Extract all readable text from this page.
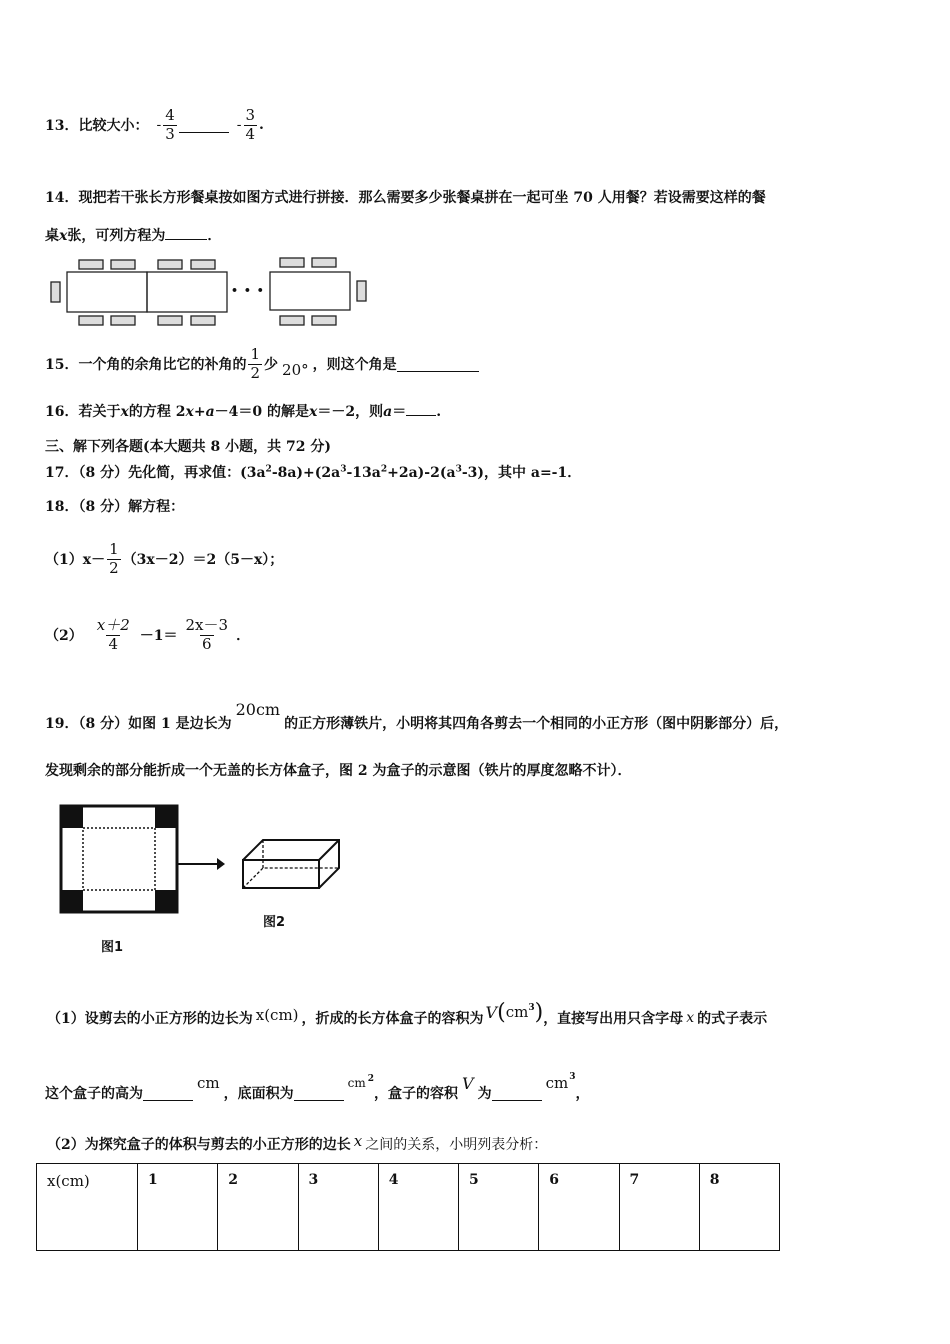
13．比较大小： - $\frac{4}{3}$	- $\frac{3}{4}$ .
14．现把若干张长方形餐桌按如图方式进行拼接．那么需要多少张餐桌拼在一起可坐 70 人用餐？若设需要这样的餐
桌x张，可列方程为	．
• • •
15．一个角的余角比它的补角的 $\frac{1}{2}$ 少 20° ，则这个角是
16．若关于x的方程 2x+a－4＝0 的解是x＝－2，则a＝ .
三、解下列各题(本大题共 8 小题，共 72 分)
17．（8 分）先化简，再求值：$(3a^2-8a)+(2a^3-13a^2+2a)-2(a^3-3)$，其中 a=-1．
18．（8 分）解方程：
$(1)x- \frac{1}{2} (3x-2)=2(5-x)$；
$(2) \frac{x+2}{4} -1= \frac{2x-3}{6}$ ．
19．（8 分）如图 1 是边长为
20cm
的正方形薄铁片，小明将其四角各剪去一个相同的小正方形（图中阴影部分）后，
发现剩余的部分能折成一个无盖的长方体盒子，图 2 为盒子的示意图（铁片的厚度忽略不计）．
图2
图1
（1）设剪去的小正方形的边长为 x(cm) ，折成的长方体盒子的容积为 V ( $cm^3$ ) ，直接写出用只含字母 x 的式子表示
这个盒子的高为
cm
，底面积为
$cm^2$
，盒子的容积
V
为
$cm^3$
，
（2）为探究盒子的体积与剪去的小正方形的边长 x 之间的关系，小明列表分析：
x(cm)	1	2	3	4	5	6	7	8
